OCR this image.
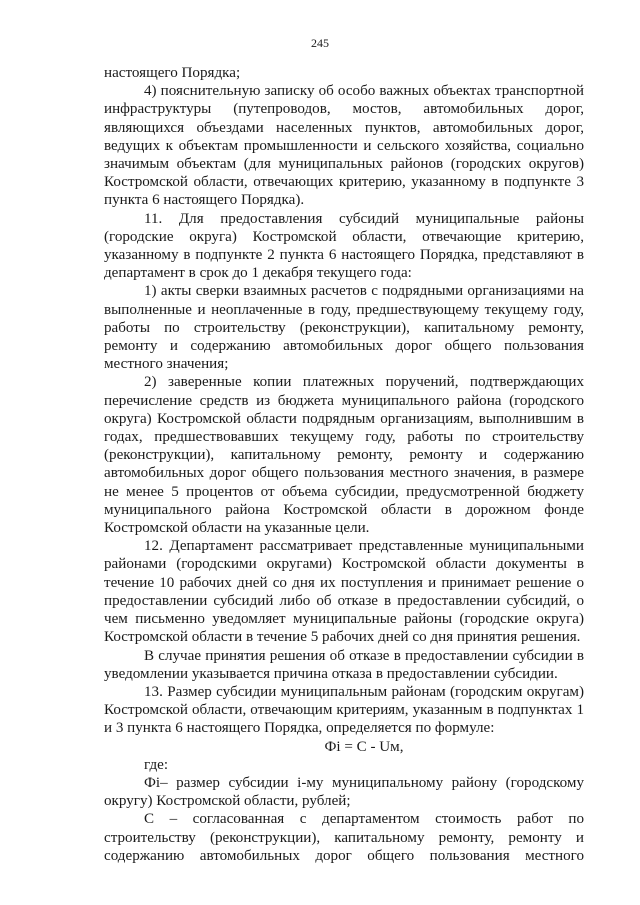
245

настоящего Порядка;

4) пояснительную записку об особо важных объектах транспортной инфраструктуры (путепроводов, мостов, автомобильных дорог, являющихся объездами населенных пунктов, автомобильных дорог, ведущих к объектам промышленности и сельского хозяйства, социально значимым объектам (для муниципальных районов (городских округов) Костромской области, отвечающих критерию, указанному в подпункте 3 пункта 6 настоящего Порядка).

11. Для предоставления субсидий муниципальные районы (городские округа) Костромской области, отвечающие критерию, указанному в подпункте 2 пункта 6 настоящего Порядка, представляют в департамент в срок до 1 декабря текущего года:

1) акты сверки взаимных расчетов с подрядными организациями на выполненные и неоплаченные в году, предшествующему текущему году, работы по строительству (реконструкции), капитальному ремонту, ремонту и содержанию автомобильных дорог общего пользования местного значения;

2) заверенные копии платежных поручений, подтверждающих перечисление средств из бюджета муниципального района (городского округа) Костромской области подрядным организациям, выполнившим в годах, предшествовавших текущему году, работы по строительству (реконструкции), капитальному ремонту, ремонту и содержанию автомобильных дорог общего пользования местного значения, в размере не менее 5 процентов от объема субсидии, предусмотренной бюджету муниципального района Костромской области в дорожном фонде Костромской области на указанные цели.

12. Департамент рассматривает представленные муниципальными районами (городскими округами) Костромской области документы в течение 10 рабочих дней со дня их поступления и принимает решение о предоставлении субсидий либо об отказе в предоставлении субсидий, о чем письменно уведомляет муниципальные районы (городские округа) Костромской области в течение 5 рабочих дней со дня принятия решения.

В случае принятия решения об отказе в предоставлении субсидии в уведомлении указывается причина отказа в предоставлении субсидии.

13. Размер субсидии муниципальным районам (городским округам) Костромской области, отвечающим критериям, указанным в подпунктах 1 и 3 пункта 6 настоящего Порядка, определяется по формуле:

Фi = С - Uм,

где:

Фi– размер субсидии i-му муниципальному району (городскому округу) Костромской области, рублей;

С – согласованная с департаментом стоимость работ по строительству (реконструкции), капитальному ремонту, ремонту и содержанию автомобильных дорог общего пользования местного
